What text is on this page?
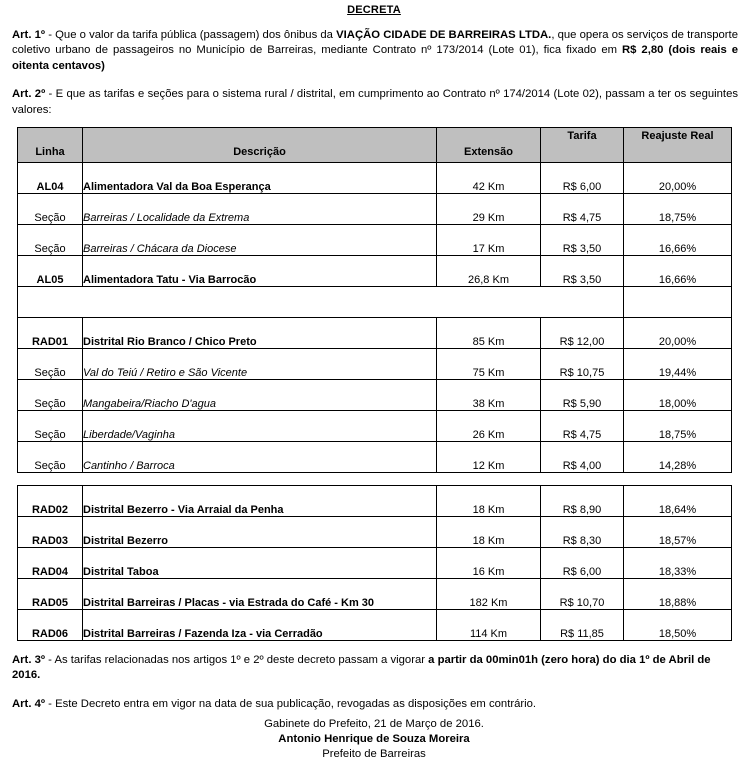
DECRETA

Art. 1º - Que o valor da tarifa pública (passagem) dos ônibus da VIAÇÃO CIDADE DE BARREIRAS LTDA., que opera os serviços de transporte coletivo urbano de passageiros no Município de Barreiras, mediante Contrato nº 173/2014 (Lote 01), fica fixado em R$ 2,80 (dois reais e oitenta centavos)

Art. 2º - E que as tarifas e seções para o sistema rural / distrital, em cumprimento ao Contrato nº 174/2014 (Lote 02), passam a ter os seguintes valores:

Linha	Descrição	Extensão	Tarifa	Reajuste Real
AL04	Alimentadora Val da Boa Esperança	42 Km	R$ 6,00	20,00%
Seção	Barreiras / Localidade da Extrema	29 Km	R$ 4,75	18,75%
Seção	Barreiras / Chácara da Diocese	17 Km	R$ 3,50	16,66%
AL05	Alimentadora Tatu - Via Barrocão	26,8 Km	R$ 3,50	16,66%

RAD01	Distrital Rio Branco / Chico Preto	85 Km	R$ 12,00	20,00%
Seção	Val do Teiú / Retiro e São Vicente	75 Km	R$ 10,75	19,44%
Seção	Mangabeira/Riacho D'agua	38 Km	R$ 5,90	18,00%
Seção	Liberdade/Vaginha	26 Km	R$ 4,75	18,75%
Seção	Cantinho / Barroca	12 Km	R$ 4,00	14,28%
RAD02	Distrital Bezerro - Via Arraial da Penha	18 Km	R$ 8,90	18,64%
RAD03	Distrital Bezerro	18 Km	R$ 8,30	18,57%
RAD04	Distrital Taboa	16 Km	R$ 6,00	18,33%
RAD05	Distrital Barreiras / Placas - via Estrada do Café - Km 30	182 Km	R$ 10,70	18,88%
RAD06	Distrital Barreiras / Fazenda Iza - via Cerradão	114 Km	R$ 11,85	18,50%

Art. 3º - As tarifas relacionadas nos artigos 1º e 2º deste decreto passam a vigorar a partir da 00min01h (zero hora) do dia 1º de Abril de 2016.

Art. 4º - Este Decreto entra em vigor na data de sua publicação, revogadas as disposições em contrário.

Gabinete do Prefeito, 21 de Março de 2016.

Antonio Henrique de Souza Moreira

Prefeito de Barreiras
